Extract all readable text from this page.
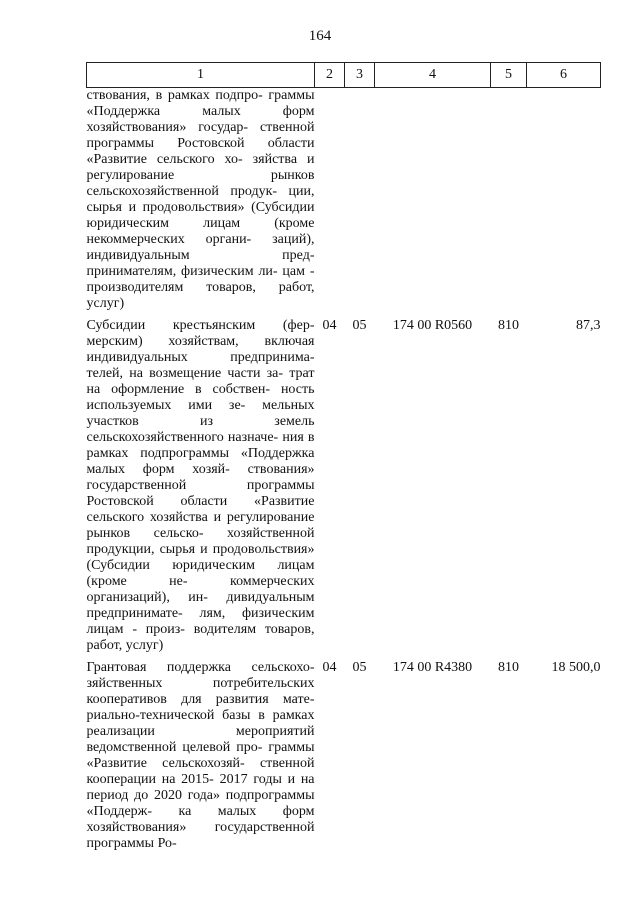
164
1	2	3	4	5	6

ствования, в рамках подпро- граммы «Поддержка малых форм хозяйствования» государ- ственной программы Ростовской области «Развитие сельского хо- зяйства и регулирование рынков сельскохозяйственной продук- ции, сырья и продовольствия» (Субсидии юридическим лицам (кроме некоммерческих органи- заций), индивидуальным пред- принимателям, физическим ли- цам - производителям товаров, работ, услуг)					

Субсидии крестьянским (фер- мерским) хозяйствам, включая индивидуальных предпринима- телей, на возмещение части за- трат на оформление в собствен- ность используемых ими зе- мельных участков из земель сельскохозяйственного назначе- ния в рамках подпрограммы «Поддержка малых форм хозяй- ствования» государственной программы Ростовской области «Развитие сельского хозяйства и регулирование рынков сельско- хозяйственной продукции, сырья и продовольствия» (Субсидии юридическим лицам (кроме не- коммерческих организаций), ин- дивидуальным предпринимате- лям, физическим лицам - произ- водителям товаров, работ, услуг)	04	05	174 00 R0560	810	87,3

Грантовая поддержка сельскохо- зяйственных потребительских кооперативов для развития мате- риально-технической базы в рамках реализации мероприятий ведомственной целевой про- граммы «Развитие сельскохозяй- ственной кооперации на 2015- 2017 годы и на период до 2020 года» подпрограммы «Поддерж- ка малых форм хозяйствования» государственной программы Ро-	04	05	174 00 R4380	810	18 500,0
